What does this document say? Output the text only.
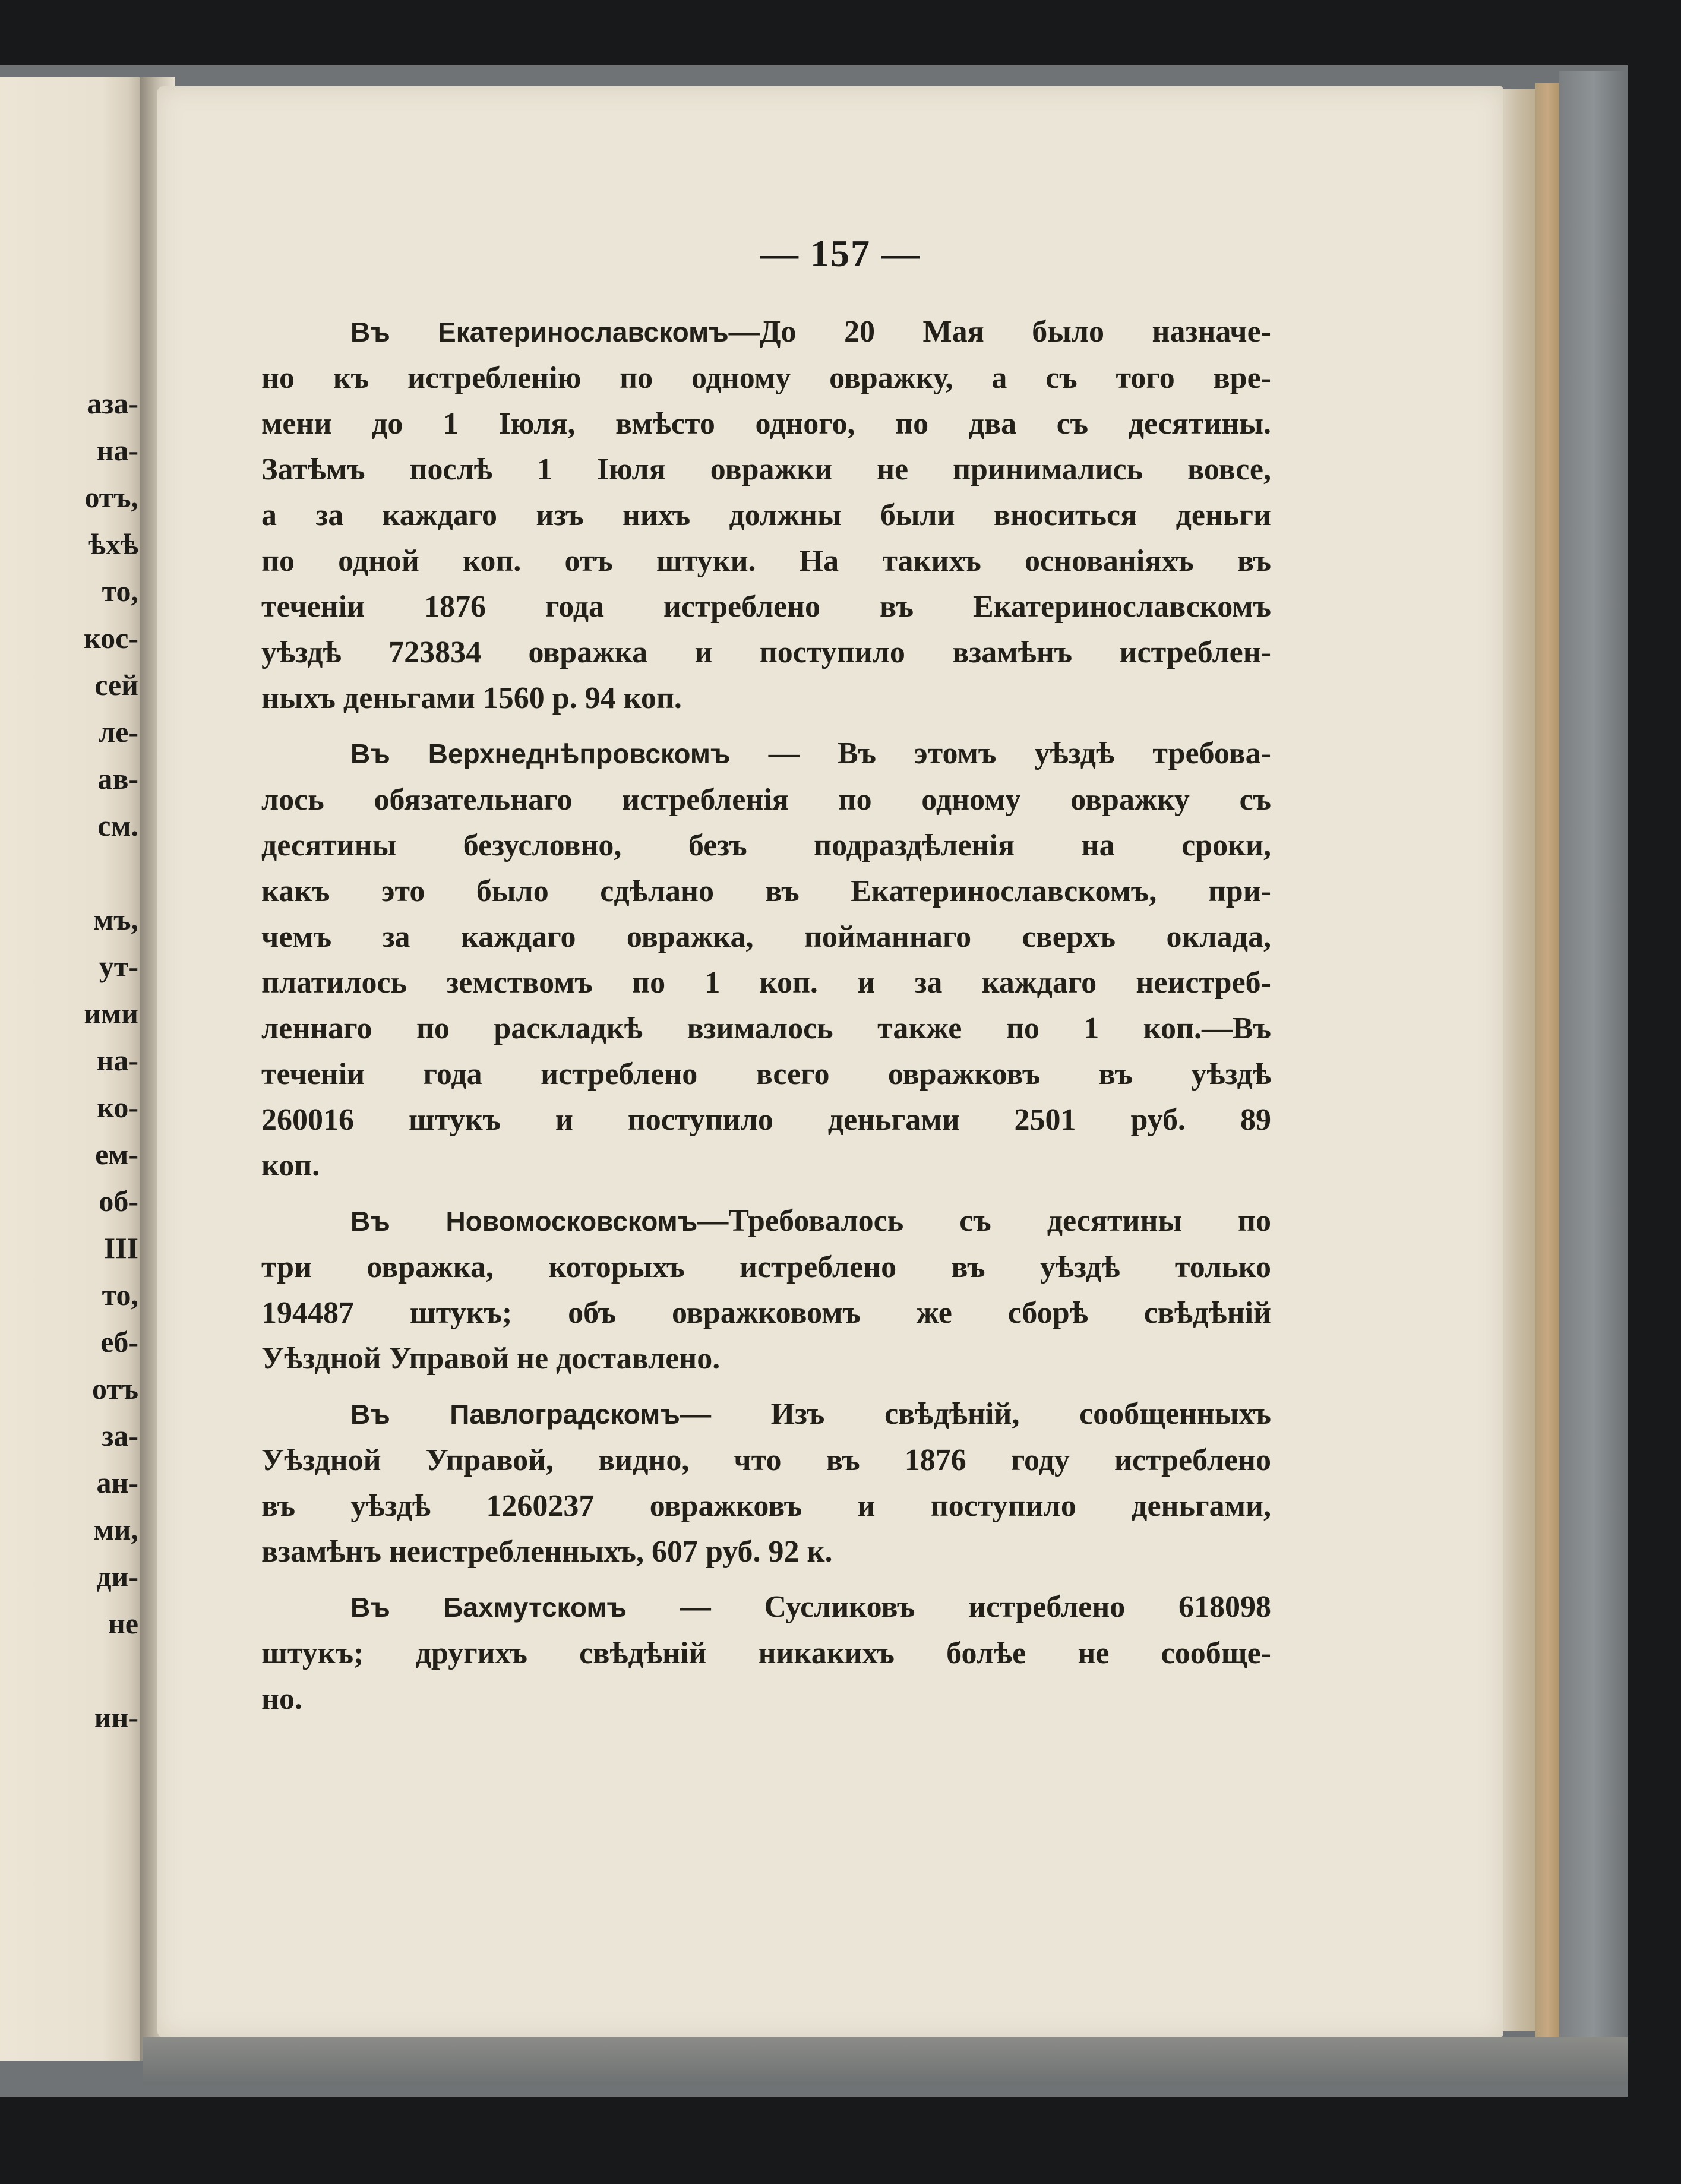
аза-
на-
отъ,
ѣхѣ
то,
кос-
сей
ле-
ав-
см.

мъ,
ут-
ими
на-
ко-
ем-
об-
III
то,
еб-
отъ
за-
ан-
ми,
ди-
не

ин-
— 157 —
Въ Екатеринославскомъ—До 20 Мая было назначе-
но къ истребленію по одному овражку, а съ того вре-
мени до 1 Іюля, вмѣсто одного, по два съ десятины.
Затѣмъ послѣ 1 Іюля овражки не принимались вовсе,
а за каждаго изъ нихъ должны были вноситься деньги
по одной коп. отъ штуки. На такихъ основаніяхъ въ
теченіи 1876 года истреблено въ Екатеринославскомъ
уѣздѣ 723834 овражка и поступило взамѣнъ истреблен-
ныхъ деньгами 1560 р. 94 коп.
Въ Верхнеднѣпровскомъ — Въ этомъ уѣздѣ требова-
лось обязательнаго истребленія по одному овражку съ
десятины безусловно, безъ подраздѣленія на сроки,
какъ это было сдѣлано въ Екатеринославскомъ, при-
чемъ за каждаго овражка, пойманнаго сверхъ оклада,
платилось земствомъ по 1 коп. и за каждаго неистреб-
леннаго по раскладкѣ взималось также по 1 коп.—Въ
теченіи года истреблено всего овражковъ въ уѣздѣ
260016 штукъ и поступило деньгами 2501 руб. 89
коп.
Въ Новомосковскомъ—Требовалось съ десятины по
три овражка, которыхъ истреблено въ уѣздѣ только
194487 штукъ; объ овражковомъ же сборѣ свѣдѣній
Уѣздной Управой не доставлено.
Въ Павлоградскомъ— Изъ свѣдѣній, сообщенныхъ
Уѣздной Управой, видно, что въ 1876 году истреблено
въ уѣздѣ 1260237 овражковъ и поступило деньгами,
взамѣнъ неистребленныхъ, 607 руб. 92 к.
Въ Бахмутскомъ — Сусликовъ истреблено 618098
штукъ; другихъ свѣдѣній никакихъ болѣе не сообще-
но.
